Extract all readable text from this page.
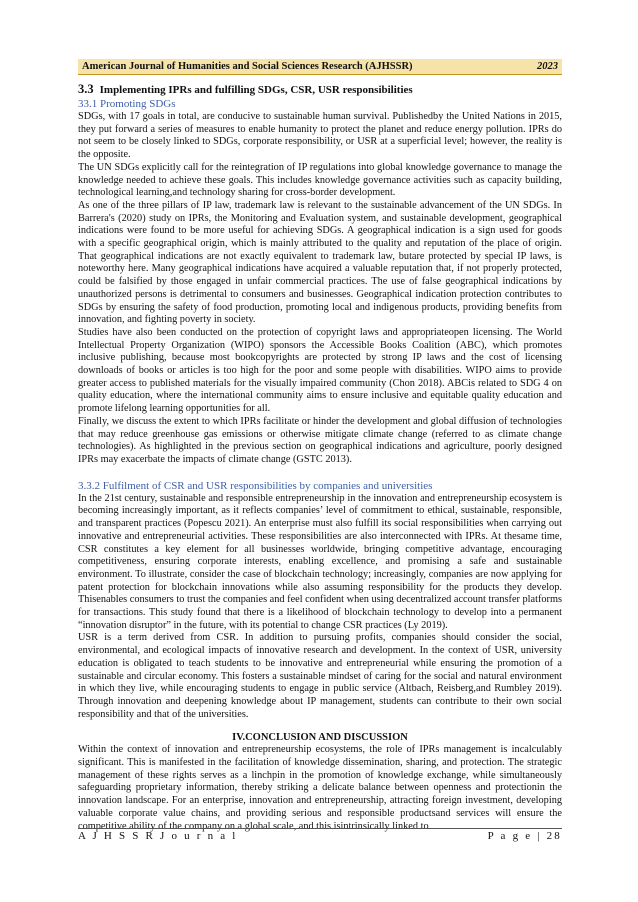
American Journal of Humanities and Social Sciences Research (AJHSSR)	2023
3.3 Implementing IPRs and fulfilling SDGs, CSR, USR responsibilities
33.1 Promoting SDGs

SDGs, with 17 goals in total, are conducive to sustainable human survival. Publishedby the United Nations in 2015, they put forward a series of measures to enable humanity to protect the planet and reduce energy pollution. IPRs do not seem to be closely linked to SDGs, corporate responsibility, or USR at a superficial level; however, the reality is the opposite.

The UN SDGs explicitly call for the reintegration of IP regulations into global knowledge governance to manage the knowledge needed to achieve these goals. This includes knowledge governance activities such as capacity building, technological learning,and technology sharing for cross-border development.

As one of the three pillars of IP law, trademark law is relevant to the sustainable advancement of the UN SDGs. In Barrera's (2020) study on IPRs, the Monitoring and Evaluation system, and sustainable development, geographical indications were found to be more useful for achieving SDGs. A geographical indication is a sign used for goods with a specific geographical origin, which is mainly attributed to the quality and reputation of the place of origin. That geographical indications are not exactly equivalent to trademark law, butare protected by special IP laws, is noteworthy here. Many geographical indications have acquired a valuable reputation that, if not properly protected, could be falsified by those engaged in unfair commercial practices. The use of false geographical indications by unauthorized persons is detrimental to consumers and businesses. Geographical indication protection contributes to SDGs by ensuring the safety of food production, promoting local and indigenous products, providing benefits from innovation, and fighting poverty in society.

Studies have also been conducted on the protection of copyright laws and appropriateopen licensing. The World Intellectual Property Organization (WIPO) sponsors the Accessible Books Coalition (ABC), which promotes inclusive publishing, because most bookcopyrights are protected by strong IP laws and the cost of licensing downloads of books or articles is too high for the poor and some people with disabilities. WIPO aims to provide greater access to published materials for the visually impaired community (Chon 2018). ABCis related to SDG 4 on quality education, where the international community aims to ensure inclusive and equitable quality education and promote lifelong learning opportunities for all.

Finally, we discuss the extent to which IPRs facilitate or hinder the development and global diffusion of technologies that may reduce greenhouse gas emissions or otherwise mitigate climate change (referred to as climate change technologies). As highlighted in the previous section on geographical indications and agriculture, poorly designed IPRs may exacerbate the impacts of climate change (GSTC 2013).

3.3.2 Fulfilment of CSR and USR responsibilities by companies and universities

In the 21st century, sustainable and responsible entrepreneurship in the innovation and entrepreneurship ecosystem is becoming increasingly important, as it reflects companies’ level of commitment to ethical, sustainable, responsible, and transparent practices (Popescu 2021). An enterprise must also fulfill its social responsibilities when carrying out innovative and entrepreneurial activities. These responsibilities are also interconnected with IPRs. At thesame time, CSR constitutes a key element for all businesses worldwide, bringing competitive advantage, encouraging competitiveness, ensuring corporate interests, enabling excellence, and promising a safe and sustainable environment. To illustrate, consider the case of blockchain technology; increasingly, companies are now applying for patent protection for blockchain innovations while also assuming responsibility for the products they develop. Thisenables consumers to trust the companies and feel confident when using decentralized account transfer platforms for transactions. This study found that there is a likelihood of blockchain technology to develop into a permanent “innovation disruptor” in the future, with its potential to change CSR practices (Ly 2019).

USR is a term derived from CSR. In addition to pursuing profits, companies should consider the social, environmental, and ecological impacts of innovative research and development. In the context of USR, university education is obligated to teach students to be innovative and entrepreneurial while ensuring the promotion of a sustainable and circular economy. This fosters a sustainable mindset of caring for the social and natural environment in which they live, while encouraging students to engage in public service (Altbach, Reisberg,and Rumbley 2019). Through innovation and deepening knowledge about IP management, students can contribute to their own social responsibility and that of the universities.

IV.CONCLUSION AND DISCUSSION

Within the context of innovation and entrepreneurship ecosystems, the role of IPRs management is incalculably significant. This is manifested in the facilitation of knowledge dissemination, sharing, and protection. The strategic management of these rights serves as a linchpin in the promotion of knowledge exchange, while simultaneously safeguarding proprietary information, thereby striking a delicate balance between openness and protectionin the innovation landscape. For an enterprise, innovation and entrepreneurship, attracting foreign investment, developing valuable corporate value chains, and providing serious and responsible productsand services will ensure the competitive ability of the company on a global scale, and this isintrinsically linked to

A J H S S R J o u r n a l	P a g e | 28
